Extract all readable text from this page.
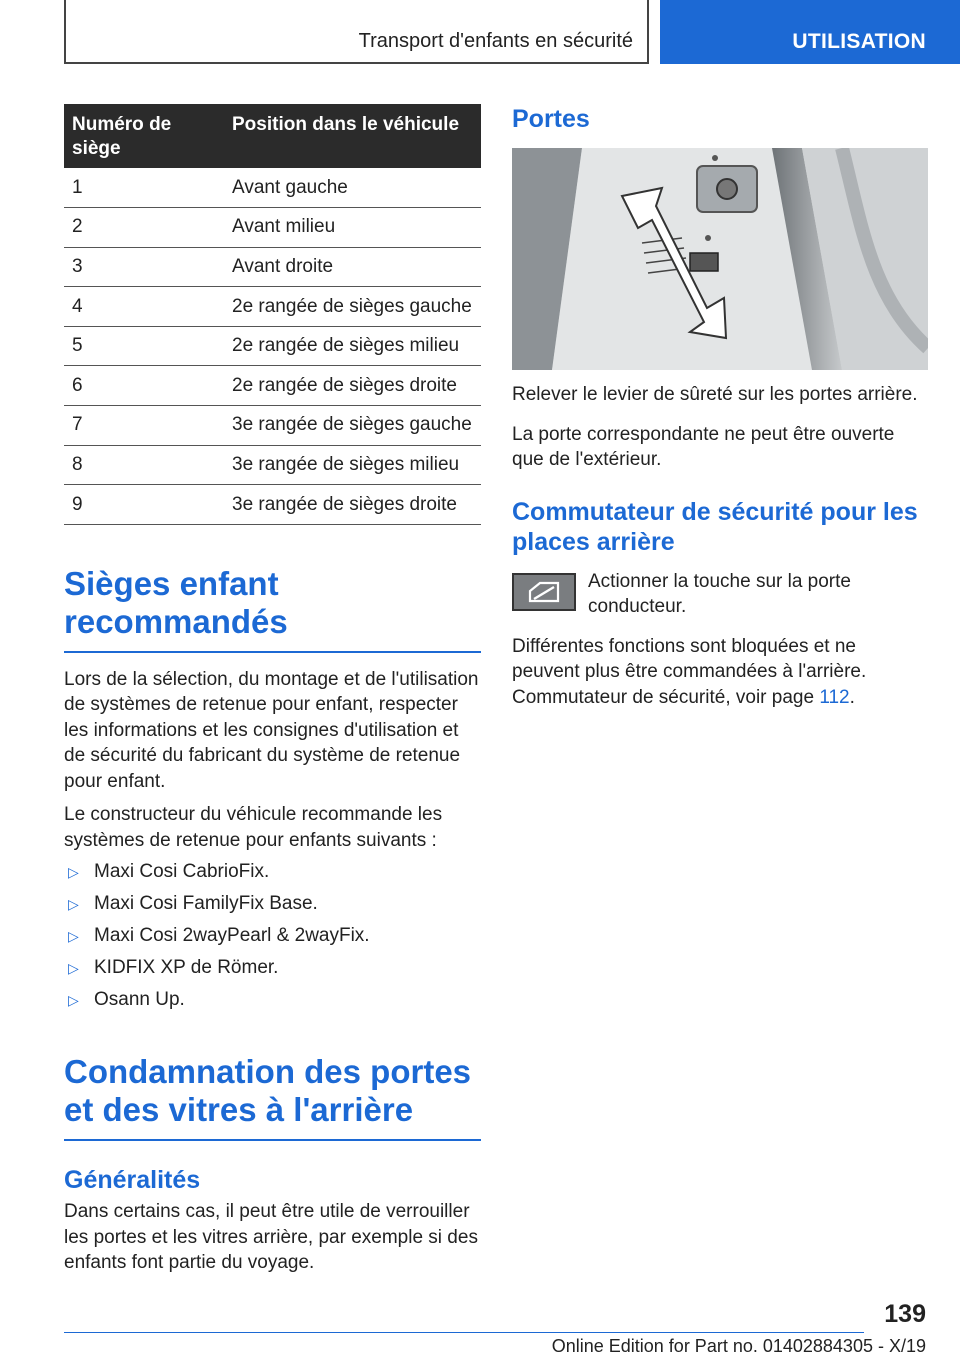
Transport d'enfants en sécurité	UTILISATION
Numéro de siège	Position dans le véhicule
1	Avant gauche
2	Avant milieu
3	Avant droite
4	2e rangée de sièges gauche
5	2e rangée de sièges milieu
6	2e rangée de sièges droite
7	3e rangée de sièges gauche
8	3e rangée de sièges milieu
9	3e rangée de sièges droite
Sièges enfant recommandés

Lors de la sélection, du montage et de l'utilisation de systèmes de retenue pour enfant, respecter les informations et les consignes d'utilisation et de sécurité du fabricant du système de retenue pour enfant.

Le constructeur du véhicule recommande les systèmes de retenue pour enfants suivants :

▷ Maxi Cosi CabrioFix.
▷ Maxi Cosi FamilyFix Base.
▷ Maxi Cosi 2wayPearl & 2wayFix.
▷ KIDFIX XP de Römer.
▷ Osann Up.
Condamnation des portes et des vitres à l'arrière
Généralités

Dans certains cas, il peut être utile de verrouiller les portes et les vitres arrière, par exemple si des enfants font partie du voyage.

Portes

Relever le levier de sûreté sur les portes arrière.

La porte correspondante ne peut être ouverte que de l'extérieur.

Commutateur de sécurité pour les places arrière

Actionner la touche sur la porte conducteur.

Différentes fonctions sont bloquées et ne peuvent plus être commandées à l'arrière. Commutateur de sécurité, voir page 112.

139
Online Edition for Part no. 01402884305 - X/19
